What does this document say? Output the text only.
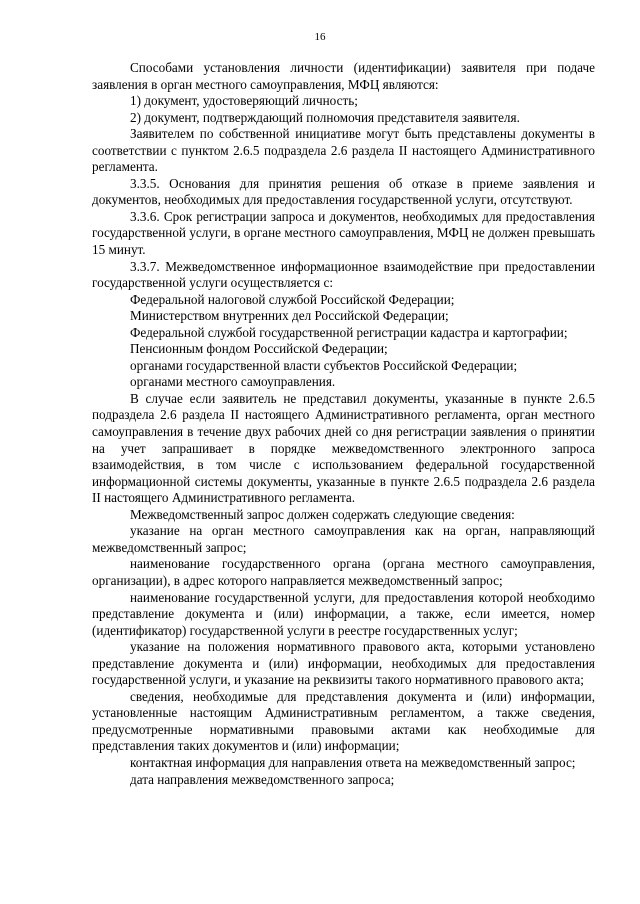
16

Способами установления личности (идентификации) заявителя при подаче заявления в орган местного самоуправления, МФЦ являются:

1) документ, удостоверяющий личность;

2) документ, подтверждающий полномочия представителя заявителя.

Заявителем по собственной инициативе могут быть представлены документы в соответствии с пунктом 2.6.5 подраздела 2.6 раздела II настоящего Административного регламента.

3.3.5. Основания для принятия решения об отказе в приеме заявления и документов, необходимых для предоставления государственной услуги, отсутствуют.

3.3.6. Срок регистрации запроса и документов, необходимых для предоставления государственной услуги, в органе местного самоуправления, МФЦ не должен превышать 15 минут.

3.3.7. Межведомственное информационное взаимодействие при предоставлении государственной услуги осуществляется с:

Федеральной налоговой службой Российской Федерации;

Министерством внутренних дел Российской Федерации;

Федеральной службой государственной регистрации кадастра и картографии;

Пенсионным фондом Российской Федерации;

органами государственной власти субъектов Российской Федерации;

органами местного самоуправления.

В случае если заявитель не представил документы, указанные в пункте 2.6.5 подраздела 2.6 раздела II настоящего Административного регламента, орган местного самоуправления в течение двух рабочих дней со дня регистрации заявления о принятии на учет запрашивает в порядке межведомственного электронного запроса взаимодействия, в том числе с использованием федеральной государственной информационной системы документы, указанные в пункте 2.6.5 подраздела 2.6 раздела II настоящего Административного регламента.

Межведомственный запрос должен содержать следующие сведения:

указание на орган местного самоуправления как на орган, направляющий межведомственный запрос;

наименование государственного органа (органа местного самоуправления, организации), в адрес которого направляется межведомственный запрос;

наименование государственной услуги, для предоставления которой необходимо представление документа и (или) информации, а также, если имеется, номер (идентификатор) государственной услуги в реестре государственных услуг;

указание на положения нормативного правового акта, которыми установлено представление документа и (или) информации, необходимых для предоставления государственной услуги, и указание на реквизиты такого нормативного правового акта;

сведения, необходимые для представления документа и (или) информации, установленные настоящим Административным регламентом, а также сведения, предусмотренные нормативными правовыми актами как необходимые для представления таких документов и (или) информации;

контактная информация для направления ответа на межведомственный запрос;

дата направления межведомственного запроса;
